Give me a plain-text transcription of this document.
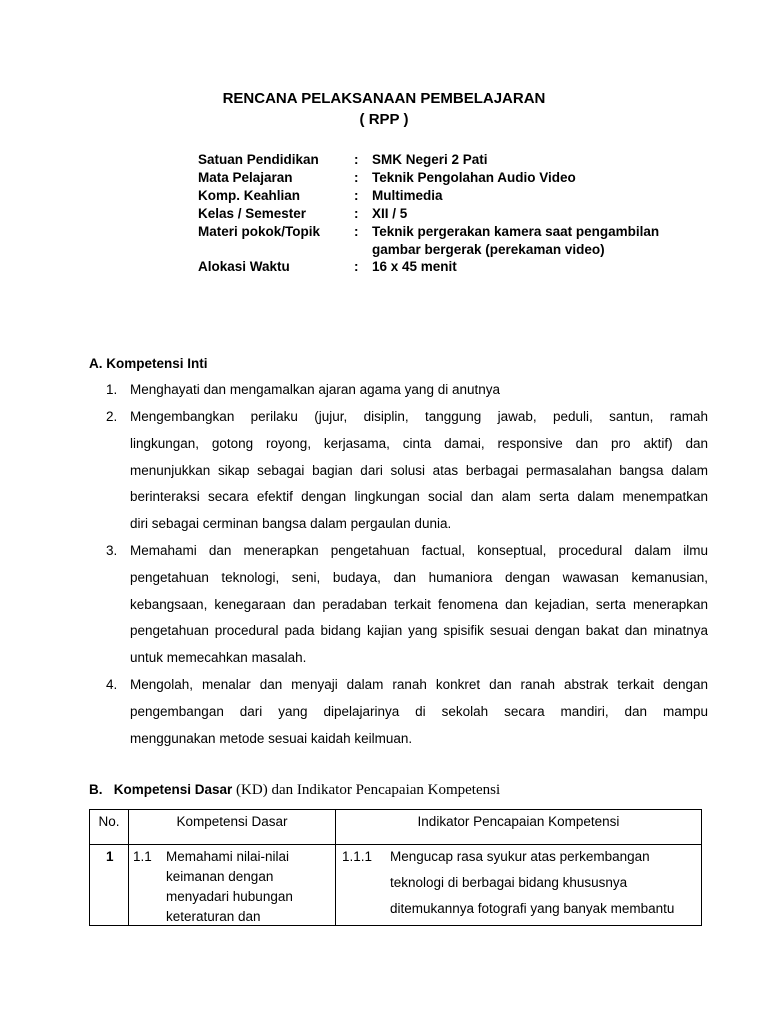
RENCANA PELAKSANAAN PEMBELAJARAN
( RPP )
Satuan Pendidikan	: SMK Negeri 2 Pati
Mata Pelajaran	: Teknik Pengolahan Audio Video
Komp. Keahlian	: Multimedia
Kelas / Semester	: XII / 5
Materi pokok/Topik	: Teknik pergerakan kamera saat pengambilan
gambar bergerak (perekaman video)
Alokasi Waktu	: 16 x 45 menit
A. Kompetensi Inti
1. Menghayati dan mengamalkan ajaran agama yang di anutnya
2. Mengembangkan perilaku (jujur, disiplin, tanggung jawab, peduli, santun, ramah
lingkungan, gotong royong, kerjasama, cinta damai, responsive dan pro aktif) dan
menunjukkan sikap sebagai bagian dari solusi atas berbagai permasalahan bangsa dalam
berinteraksi secara efektif dengan lingkungan social dan alam serta dalam menempatkan
diri sebagai cerminan bangsa dalam pergaulan dunia.
3. Memahami dan menerapkan pengetahuan factual, konseptual, procedural dalam ilmu
pengetahuan teknologi, seni, budaya, dan humaniora dengan wawasan kemanusian,
kebangsaan, kenegaraan dan peradaban terkait fenomena dan kejadian, serta menerapkan
pengetahuan procedural pada bidang kajian yang spisifik sesuai dengan bakat dan minatnya
untuk memecahkan masalah.
4. Mengolah, menalar dan menyaji dalam ranah konkret dan ranah abstrak terkait dengan
pengembangan dari yang dipelajarinya di sekolah secara mandiri, dan mampu
menggunakan metode sesuai kaidah keilmuan.
B.   Kompetensi Dasar (KD) dan Indikator Pencapaian Kompetensi
No.	Kompetensi Dasar	Indikator Pencapaian Kompetensi

1	1.1 Memahami nilai-nilai
keimanan dengan
menyadari hubungan
keteraturan dan	1.1.1 Mengucap rasa syukur atas perkembangan
teknologi di berbagai bidang khususnya
ditemukannya fotografi yang banyak membantu
